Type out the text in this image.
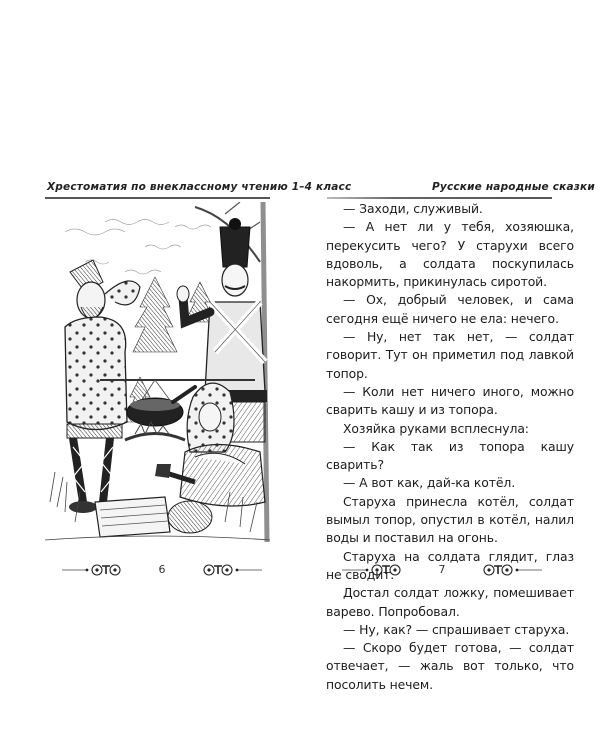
Хрестоматия по внеклассному чтению 1–4 класс
6
Русские народные сказки
7

— Заходи, служивый.

— А нет ли у тебя, хозяюшка, перекусить чего? У старухи всего вдоволь, а солдата поскупилась накормить, прикинулась сиротой.

— Ох, добрый человек, и сама сегодня ещё ничего не ела: нечего.

— Ну, нет так нет, — солдат говорит. Тут он приметил под лавкой топор.

— Коли нет ничего иного, можно сварить кашу и из топора.

Хозяйка руками всплеснула:

— Как так из топора кашу сварить?

— А вот как, дай-ка котёл.

Старуха принесла котёл, солдат вымыл топор, опустил в котёл, налил воды и поставил на огонь.

Старуха на солдата глядит, глаз не сводит.

Достал солдат ложку, помешивает варево. Попробовал.

— Ну, как? — спрашивает старуха.

— Скоро будет готова, — солдат отвечает, — жаль вот только, что посолить нечем.
